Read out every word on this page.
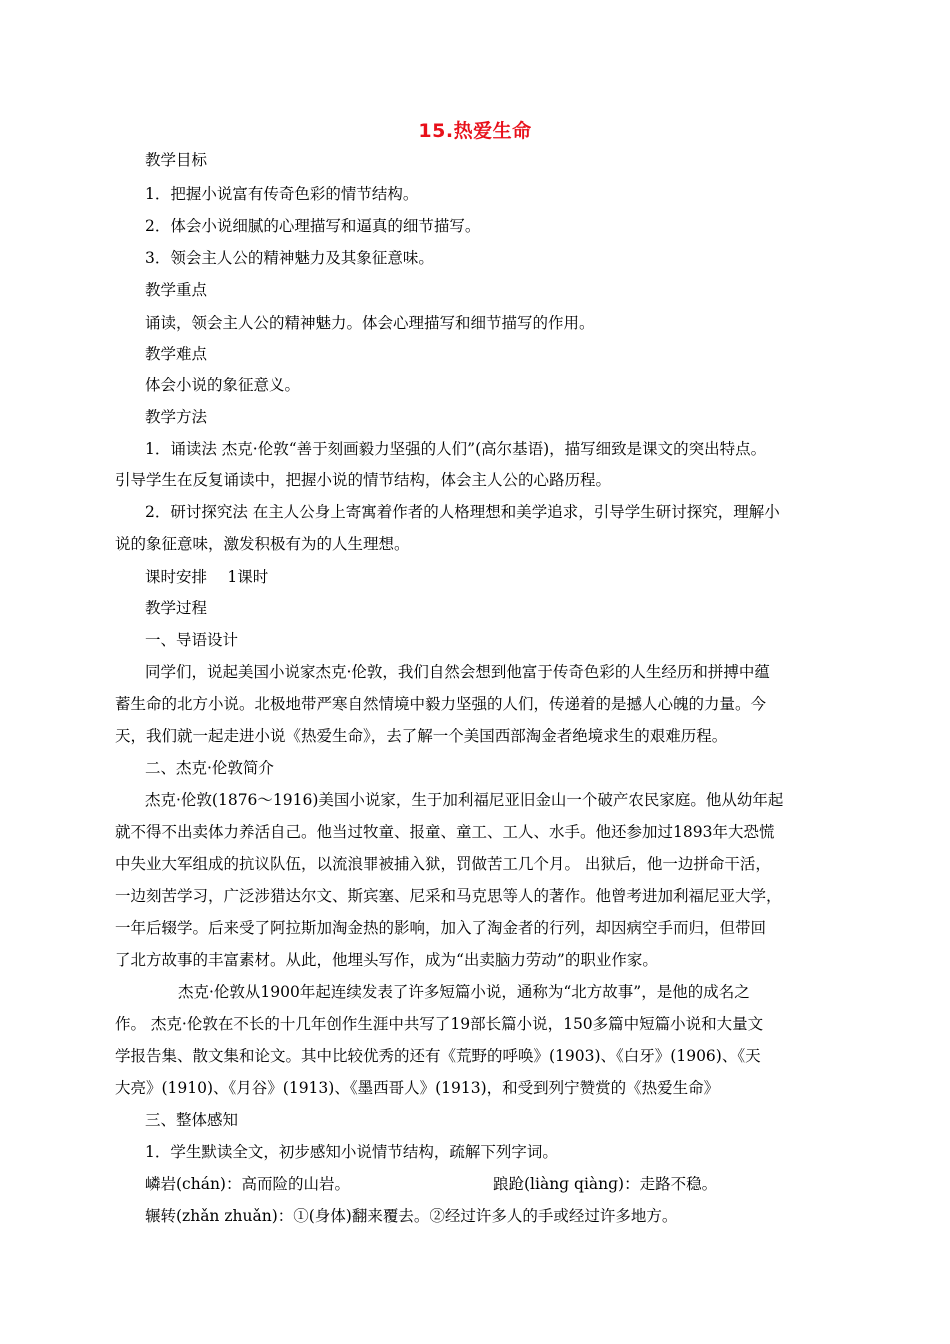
15.热爱生命
教学目标
1．把握小说富有传奇色彩的情节结构。
2．体会小说细腻的心理描写和逼真的细节描写。
3．领会主人公的精神魅力及其象征意味。
教学重点
诵读，领会主人公的精神魅力。体会心理描写和细节描写的作用。
教学难点
体会小说的象征意义。
教学方法
1．诵读法 杰克·伦敦“善于刻画毅力坚强的人们”(高尔基语)，描写细致是课文的突出特点。
引导学生在反复诵读中，把握小说的情节结构，体会主人公的心路历程。
2．研讨探究法 在主人公身上寄寓着作者的人格理想和美学追求，引导学生研讨探究，理解小
说的象征意味，激发积极有为的人生理想。
课时安排　 1课时
教学过程
一、导语设计
同学们，说起美国小说家杰克·伦敦，我们自然会想到他富于传奇色彩的人生经历和拼搏中蕴
蓄生命的北方小说。北极地带严寒自然情境中毅力坚强的人们，传递着的是撼人心魄的力量。今
天，我们就一起走进小说《热爱生命》，去了解一个美国西部淘金者绝境求生的艰难历程。
二、杰克·伦敦简介
杰克·伦敦(1876～1916)美国小说家，生于加利福尼亚旧金山一个破产农民家庭。他从幼年起
就不得不出卖体力养活自己。他当过牧童、报童、童工、工人、水手。他还参加过1893年大恐慌
中失业大军组成的抗议队伍，以流浪罪被捕入狱，罚做苦工几个月。 出狱后，他一边拼命干活，
一边刻苦学习，广泛涉猎达尔文、斯宾塞、尼采和马克思等人的著作。他曾考进加利福尼亚大学，
一年后辍学。后来受了阿拉斯加淘金热的影响，加入了淘金者的行列，却因病空手而归，但带回
了北方故事的丰富素材。从此，他埋头写作，成为“出卖脑力劳动”的职业作家。
杰克·伦敦从1900年起连续发表了许多短篇小说，通称为“北方故事”，是他的成名之
作。 杰克·伦敦在不长的十几年创作生涯中共写了19部长篇小说，150多篇中短篇小说和大量文
学报告集、散文集和论文。其中比较优秀的还有《荒野的呼唤》(1903)、《白牙》(1906)、《天
大亮》(1910)、《月谷》(1913)、《墨西哥人》(1913)，和受到列宁赞赏的《热爱生命》
三、整体感知
1．学生默读全文，初步感知小说情节结构，疏解下列字词。
嶙岩(chán)：高而险的山岩。	踉跄(liànɡ qiànɡ)：走路不稳。
辗转(zhǎn zhuǎn)：①(身体)翻来覆去。②经过许多人的手或经过许多地方。
